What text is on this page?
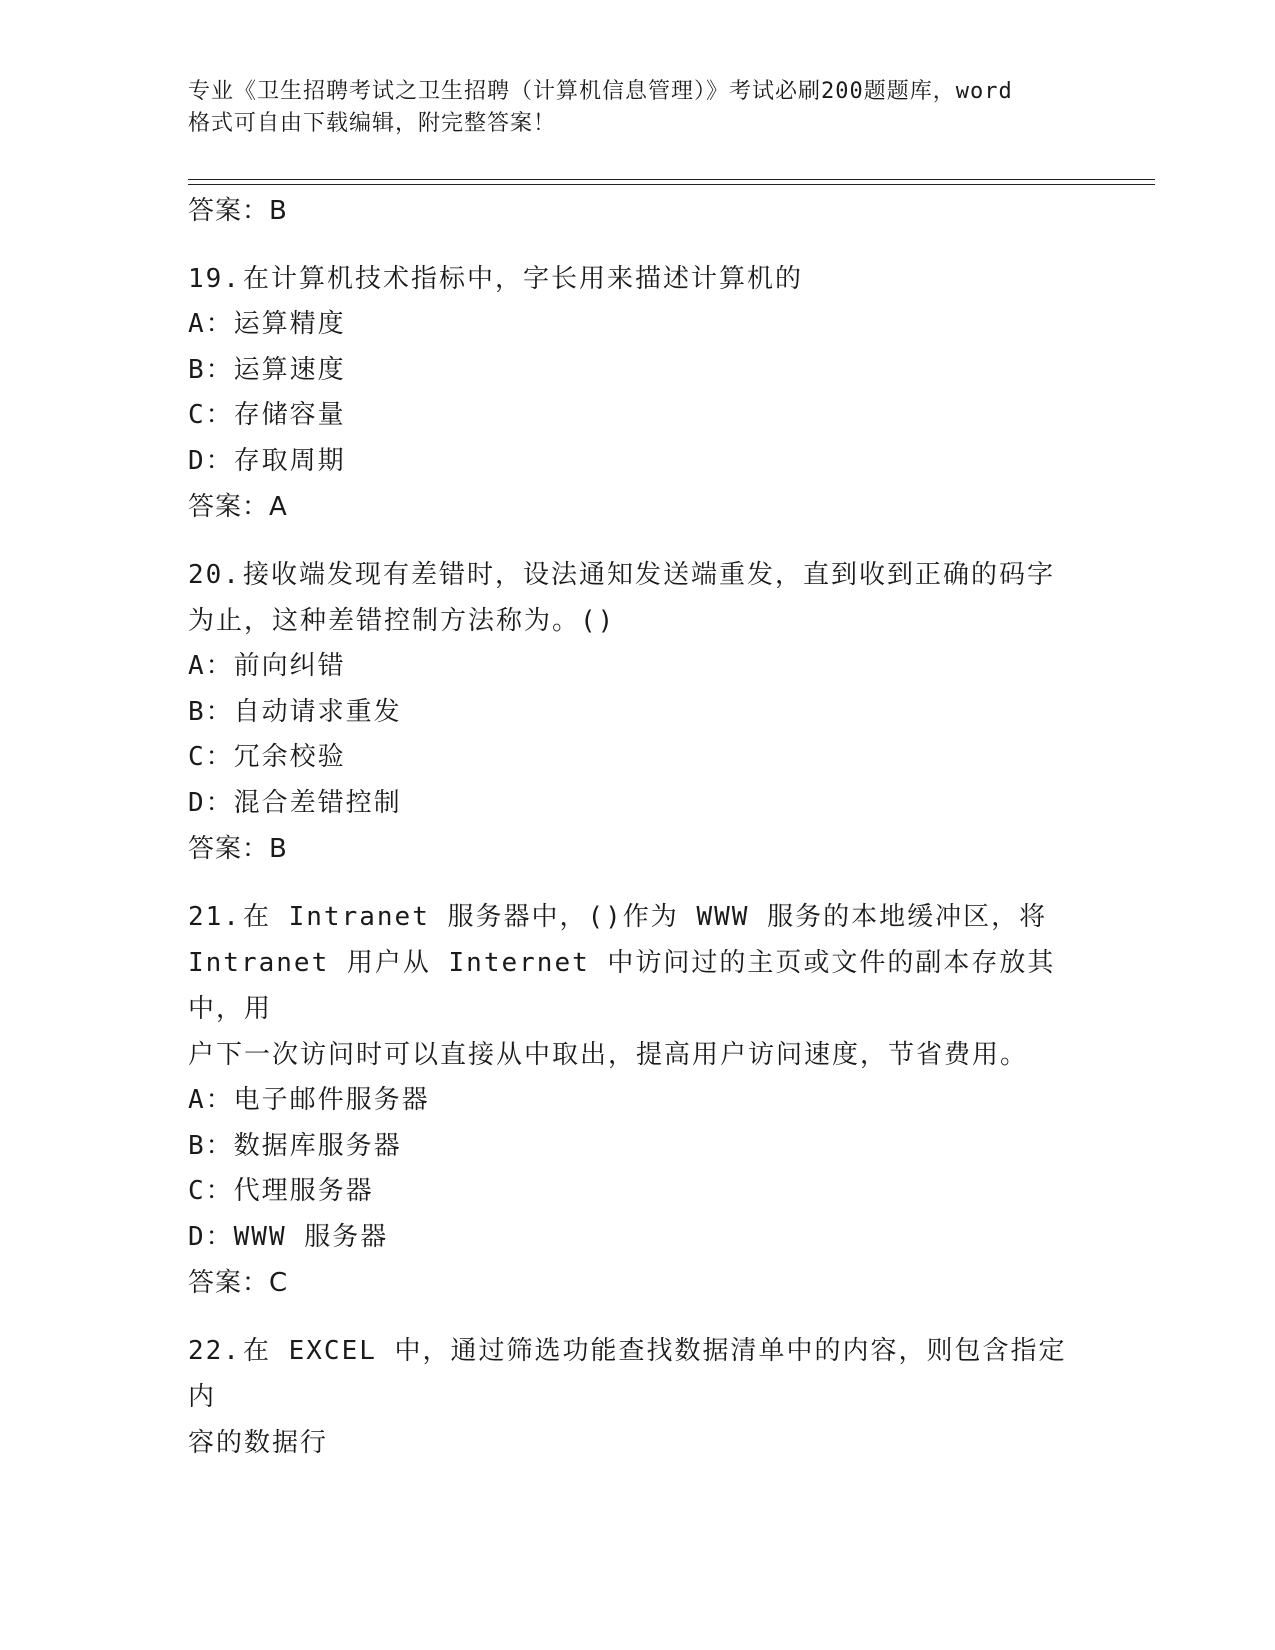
专业《卫生招聘考试之卫生招聘（计算机信息管理）》考试必刷200题题库，word
格式可自由下载编辑，附完整答案！
答案：B
19.在计算机技术指标中，字长用来描述计算机的
A：运算精度
B：运算速度
C：存储容量
D：存取周期
答案：A
20.接收端发现有差错时，设法通知发送端重发，直到收到正确的码字
为止，这种差错控制方法称为。()
A：前向纠错
B：自动请求重发
C：冗余校验
D：混合差错控制
答案：B
21.在 Intranet 服务器中，()作为 WWW 服务的本地缓冲区，将
Intranet 用户从 Internet 中访问过的主页或文件的副本存放其中，用
户下一次访问时可以直接从中取出，提高用户访问速度，节省费用。
A：电子邮件服务器
B：数据库服务器
C：代理服务器
D：WWW 服务器
答案：C
22.在 EXCEL 中，通过筛选功能查找数据清单中的内容，则包含指定内
容的数据行
